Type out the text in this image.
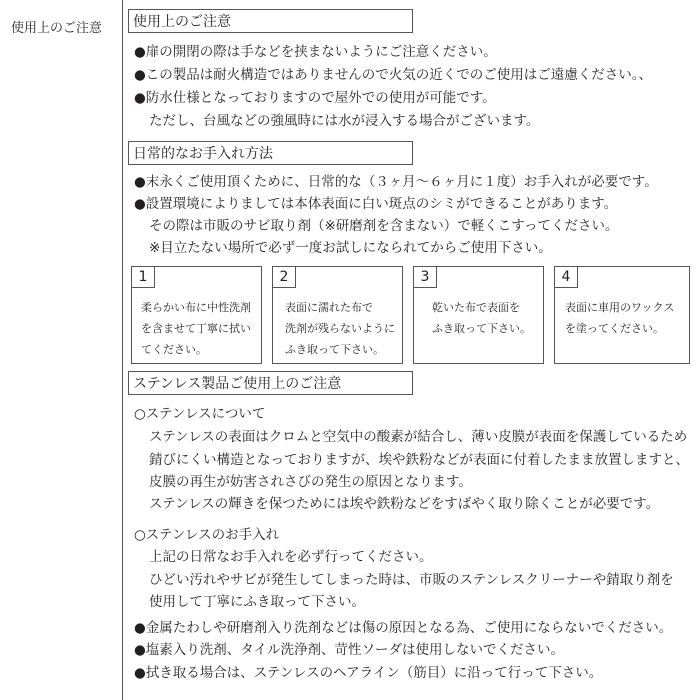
使用上のご注意	使用上のご注意
●扉の開閉の際は手などを挟まないようにご注意ください。
●この製品は耐火構造ではありませんので火気の近くでのご使用はご遠慮ください。、
●防水仕様となっておりますので屋外での使用が可能です。
ただし、台風などの強風時には水が浸入する場合がございます。
日常的なお手入れ方法
●末永くご使用頂くために、日常的な（３ヶ月〜６ヶ月に１度）お手入れが必要です。
●設置環境によりましては本体表面に白い斑点のシミができることがあります。
その際は市販のサビ取り剤（※研磨剤を含まない）で軽くこすってください。
※目立たない場所で必ず一度お試しになられてからご使用下さい。
1
柔らかい布に中性洗剤
を含ませて丁寧に拭い
てください。
2
表面に濡れた布で
洗剤が残らないように
ふき取って下さい。
3
乾いた布で表面を
ふき取って下さい。
4
表面に車用のワックス
を塗ってください。
ステンレス製品ご使用上のご注意
○ステンレスについて
ステンレスの表面はクロムと空気中の酸素が結合し、薄い皮膜が表面を保護しているため
錆びにくい構造となっておりますが、埃や鉄粉などが表面に付着したまま放置しますと、
皮膜の再生が妨害されさびの発生の原因となります。
ステンレスの輝きを保つためには埃や鉄粉などをすばやく取り除くことが必要です。
○ステンレスのお手入れ
上記の日常なお手入れを必ず行ってください。
ひどい汚れやサビが発生してしまった時は、市販のステンレスクリーナーや錆取り剤を
使用して丁寧にふき取って下さい。
●金属たわしや研磨剤入り洗剤などは傷の原因となる為、ご使用にならないでください。
●塩素入り洗剤、タイル洗浄剤、苛性ソーダは使用しないでください。
●拭き取る場合は、ステンレスのヘアライン（筋目）に沿って行って下さい。
